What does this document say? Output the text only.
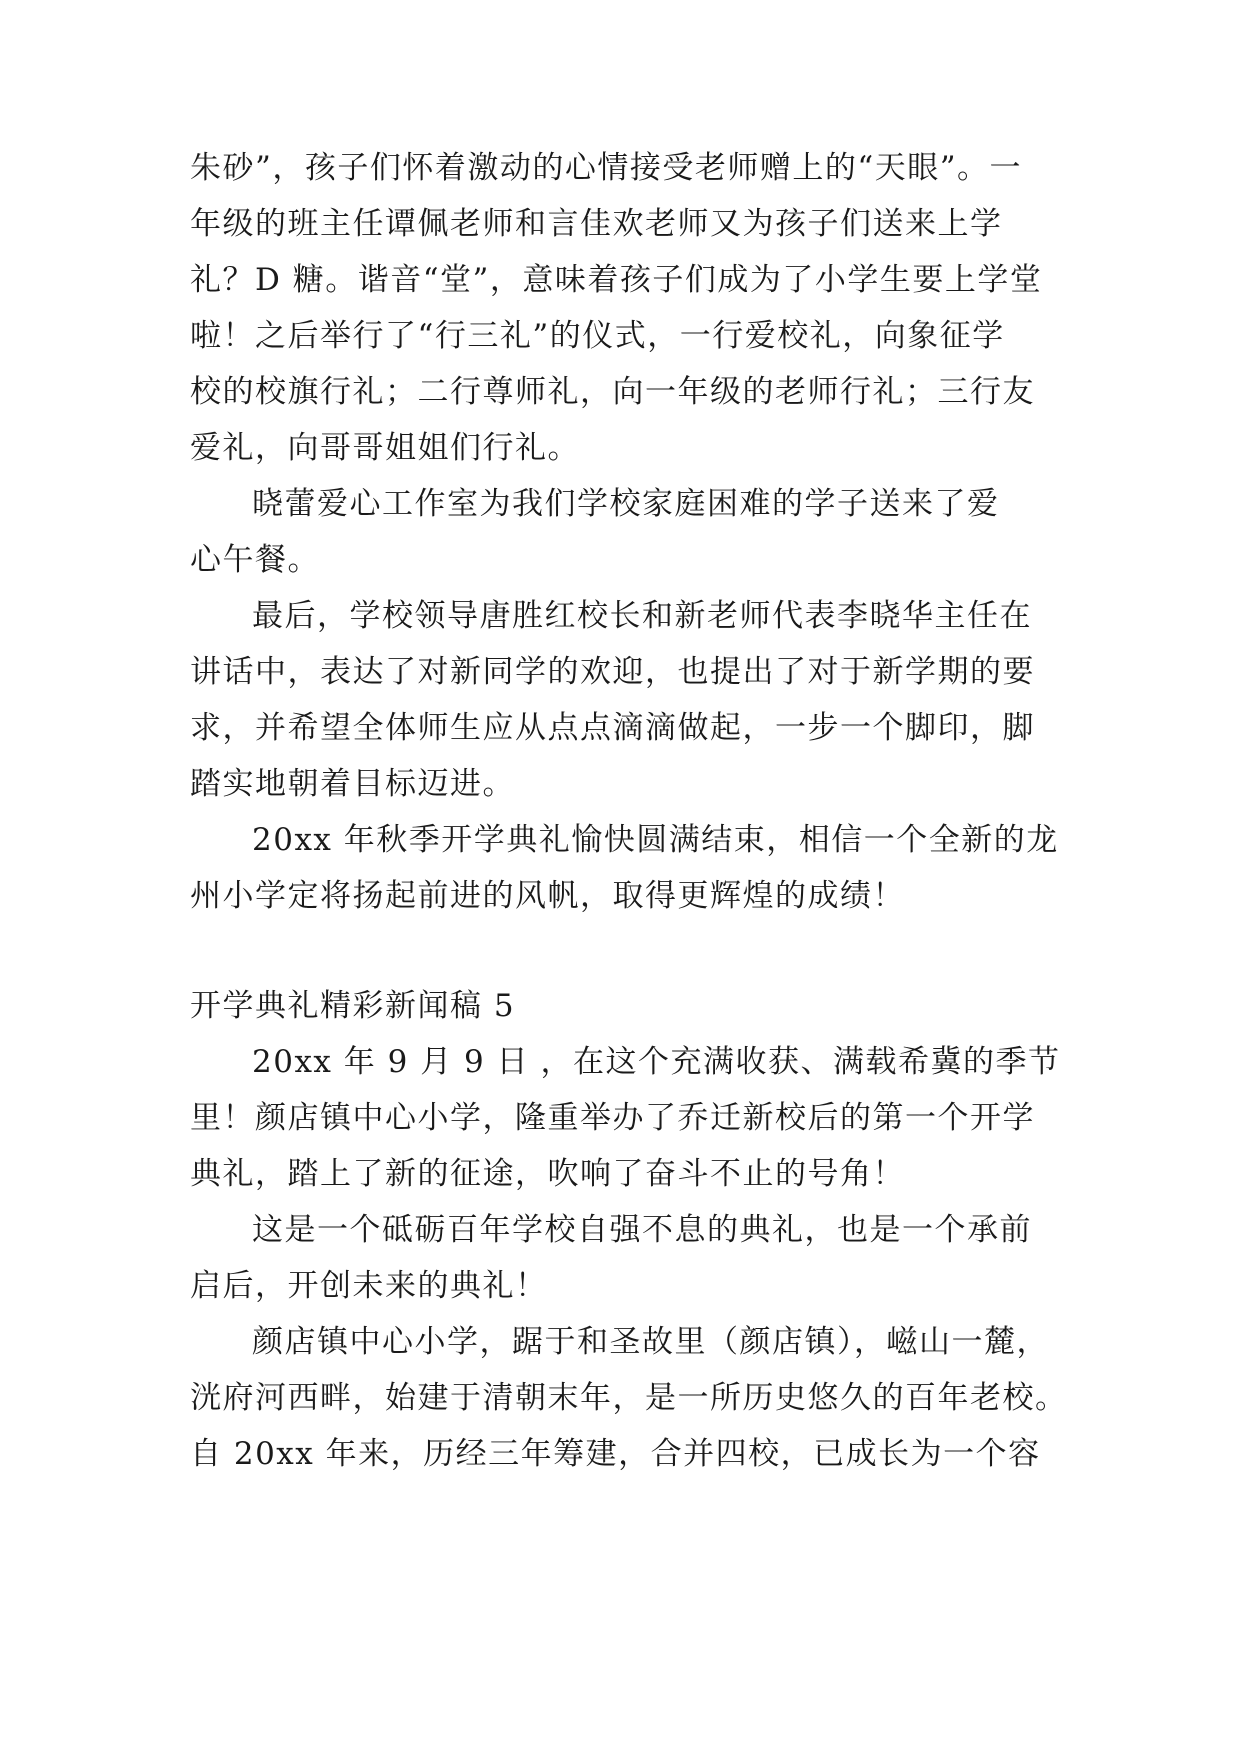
朱砂”，孩子们怀着激动的心情接受老师赠上的“天眼”。一
年级的班主任谭佩老师和言佳欢老师又为孩子们送来上学
礼？D 糖。谐音“堂”，意味着孩子们成为了小学生要上学堂
啦！之后举行了“行三礼”的仪式，一行爱校礼，向象征学
校的校旗行礼；二行尊师礼，向一年级的老师行礼；三行友
爱礼，向哥哥姐姐们行礼。
晓蕾爱心工作室为我们学校家庭困难的学子送来了爱
心午餐。
最后，学校领导唐胜红校长和新老师代表李晓华主任在
讲话中，表达了对新同学的欢迎，也提出了对于新学期的要
求，并希望全体师生应从点点滴滴做起，一步一个脚印，脚
踏实地朝着目标迈进。
20xx 年秋季开学典礼愉快圆满结束，相信一个全新的龙
州小学定将扬起前进的风帆，取得更辉煌的成绩！
开学典礼精彩新闻稿 5
20xx 年 9 月 9 日 ，在这个充满收获、满载希冀的季节
里！颜店镇中心小学，隆重举办了乔迁新校后的第一个开学
典礼，踏上了新的征途，吹响了奋斗不止的号角！
这是一个砥砺百年学校自强不息的典礼，也是一个承前
启后，开创未来的典礼！
颜店镇中心小学，踞于和圣故里（颜店镇），嵫山一麓，
洸府河西畔，始建于清朝末年，是一所历史悠久的百年老校。
自 20xx 年来，历经三年筹建，合并四校，已成长为一个容
